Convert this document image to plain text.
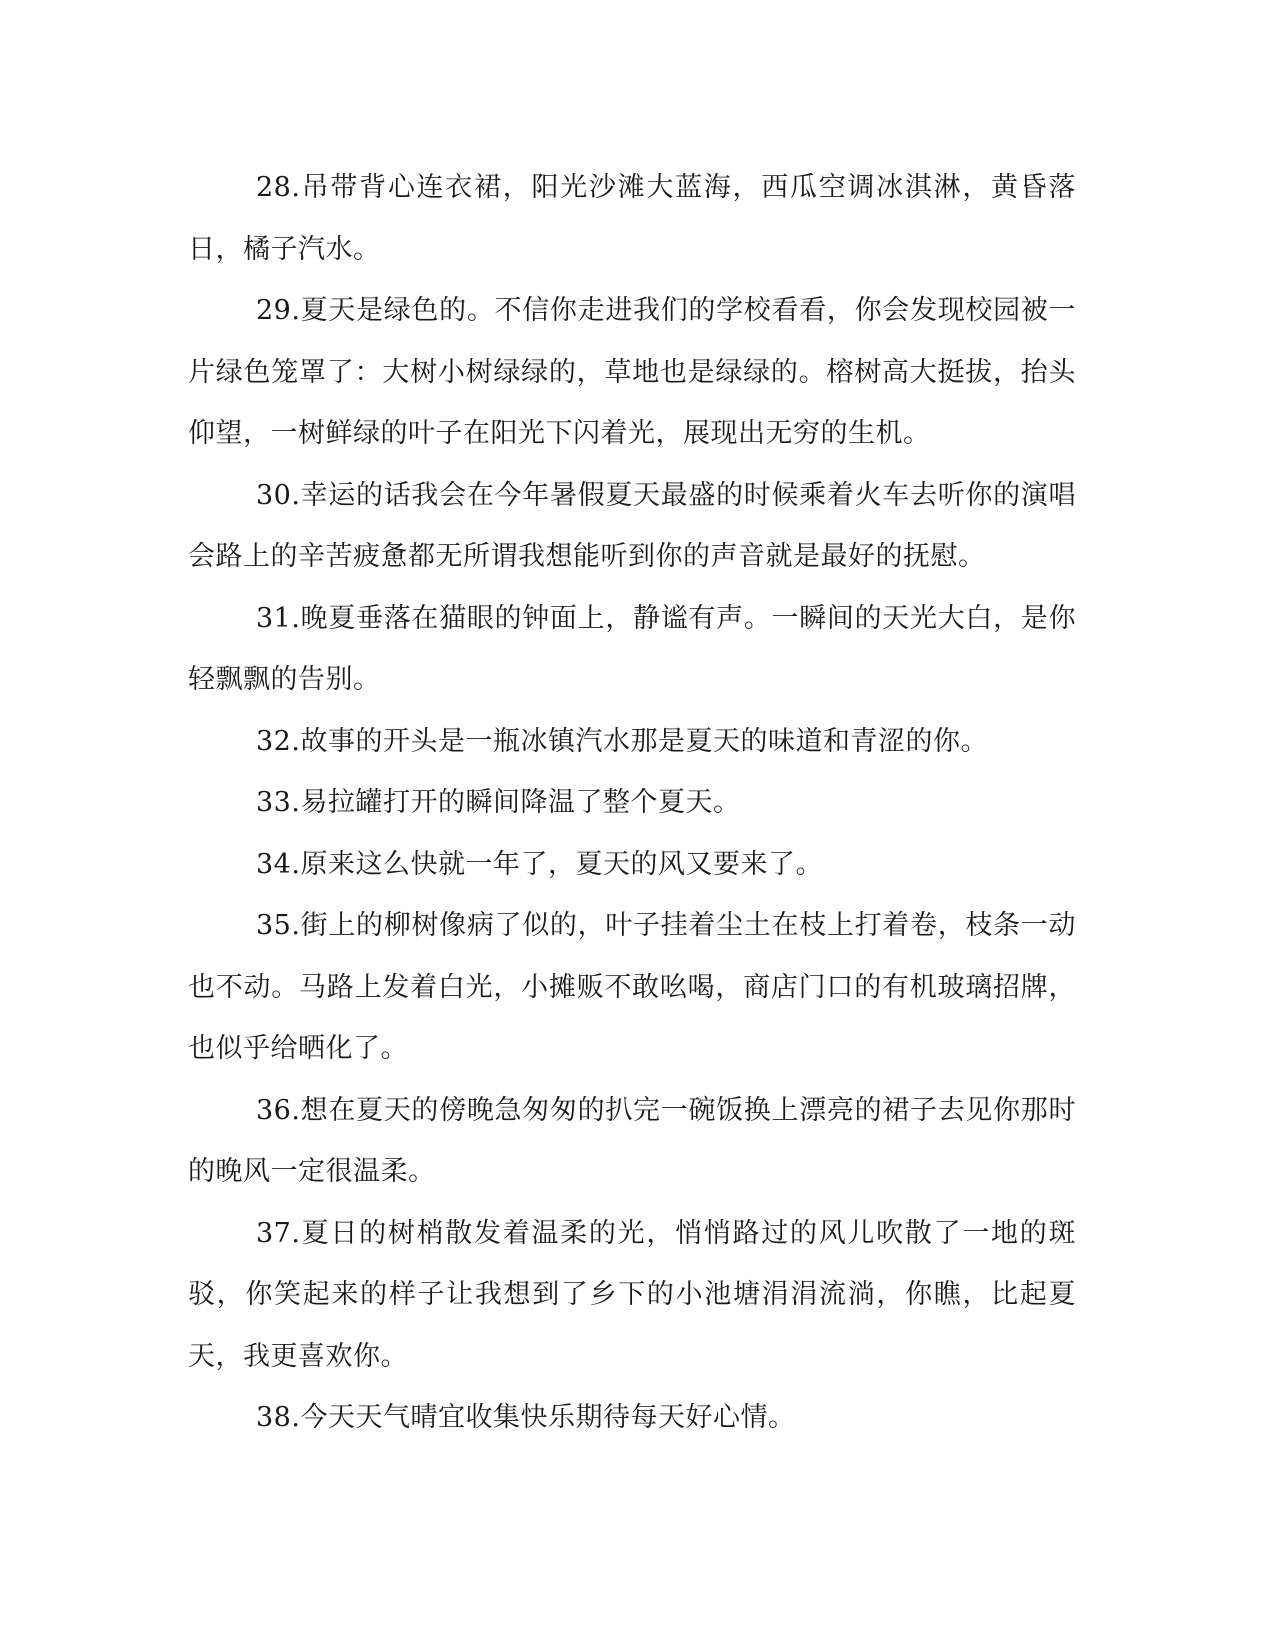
28.吊带背心连衣裙，阳光沙滩大蓝海，西瓜空调冰淇淋，黄昏落日，橘子汽水。

29.夏天是绿色的。不信你走进我们的学校看看，你会发现校园被一片绿色笼罩了：大树小树绿绿的，草地也是绿绿的。榕树高大挺拔，抬头仰望，一树鲜绿的叶子在阳光下闪着光，展现出无穷的生机。

30.幸运的话我会在今年暑假夏天最盛的时候乘着火车去听你的演唱会路上的辛苦疲惫都无所谓我想能听到你的声音就是最好的抚慰。

31.晚夏垂落在猫眼的钟面上，静谧有声。一瞬间的天光大白，是你轻飘飘的告别。

32.故事的开头是一瓶冰镇汽水那是夏天的味道和青涩的你。

33.易拉罐打开的瞬间降温了整个夏天。

34.原来这么快就一年了，夏天的风又要来了。

35.街上的柳树像病了似的，叶子挂着尘土在枝上打着卷，枝条一动也不动。马路上发着白光，小摊贩不敢吆喝，商店门口的有机玻璃招牌，也似乎给晒化了。

36.想在夏天的傍晚急匆匆的扒完一碗饭换上漂亮的裙子去见你那时的晚风一定很温柔。

37.夏日的树梢散发着温柔的光，悄悄路过的风儿吹散了一地的斑驳，你笑起来的样子让我想到了乡下的小池塘涓涓流淌，你瞧，比起夏天，我更喜欢你。

38.今天天气晴宜收集快乐期待每天好心情。
